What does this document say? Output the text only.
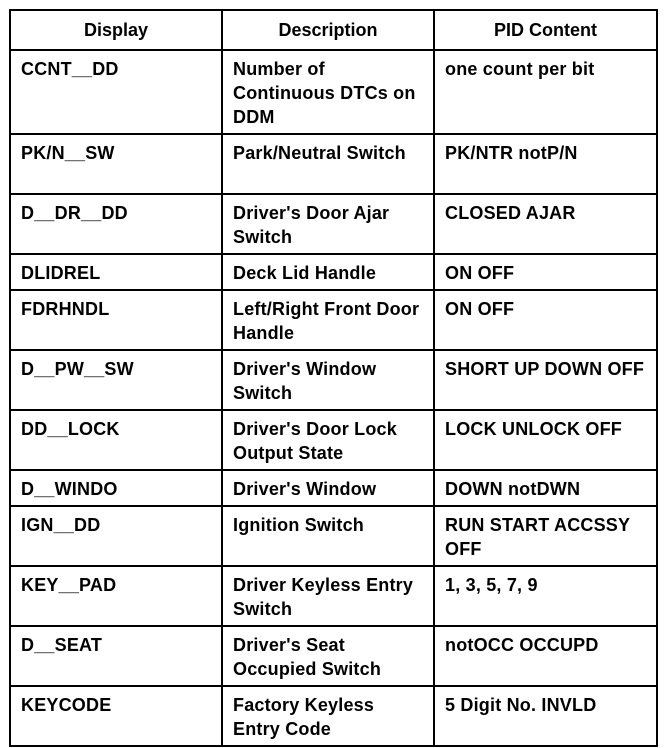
Display	Description	PID Content
CCNT__DD	Number of Continuous DTCs on DDM	one count per bit
PK/N__SW	Park/Neutral Switch	PK/NTR notP/N
D__DR__DD	Driver's Door Ajar Switch	CLOSED AJAR
DLIDREL	Deck Lid Handle	ON OFF
FDRHNDL	Left/Right Front Door Handle	ON OFF
D__PW__SW	Driver's Window Switch	SHORT UP DOWN OFF
DD__LOCK	Driver's Door Lock Output State	LOCK UNLOCK OFF
D__WINDO	Driver's Window	DOWN notDWN
IGN__DD	Ignition Switch	RUN START ACCSSY OFF
KEY__PAD	Driver Keyless Entry Switch	1, 3, 5, 7, 9
D__SEAT	Driver's Seat Occupied Switch	notOCC OCCUPD
KEYCODE	Factory Keyless Entry Code	5 Digit No. INVLD
